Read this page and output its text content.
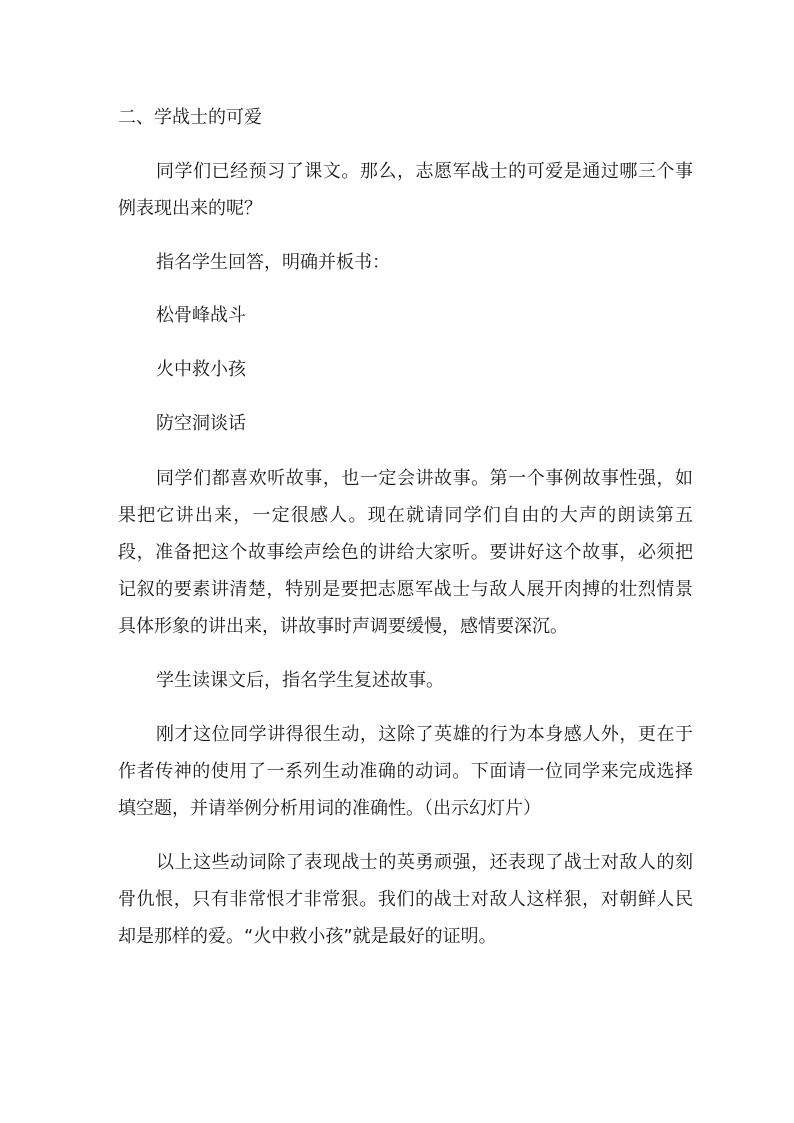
二、学战士的可爱

同学们已经预习了课文。那么，志愿军战士的可爱是通过哪三个事例表现出来的呢？

指名学生回答，明确并板书：

松骨峰战斗
火中救小孩
防空洞谈话

同学们都喜欢听故事，也一定会讲故事。第一个事例故事性强，如果把它讲出来，一定很感人。现在就请同学们自由的大声的朗读第五段，准备把这个故事绘声绘色的讲给大家听。要讲好这个故事，必须把记叙的要素讲清楚，特别是要把志愿军战士与敌人展开肉搏的壮烈情景具体形象的讲出来，讲故事时声调要缓慢，感情要深沉。

学生读课文后，指名学生复述故事。

刚才这位同学讲得很生动，这除了英雄的行为本身感人外，更在于作者传神的使用了一系列生动准确的动词。下面请一位同学来完成选择填空题，并请举例分析用词的准确性。（出示幻灯片）

以上这些动词除了表现战士的英勇顽强，还表现了战士对敌人的刻骨仇恨，只有非常恨才非常狠。我们的战士对敌人这样狠，对朝鲜人民却是那样的爱。“火中救小孩”就是最好的证明。
